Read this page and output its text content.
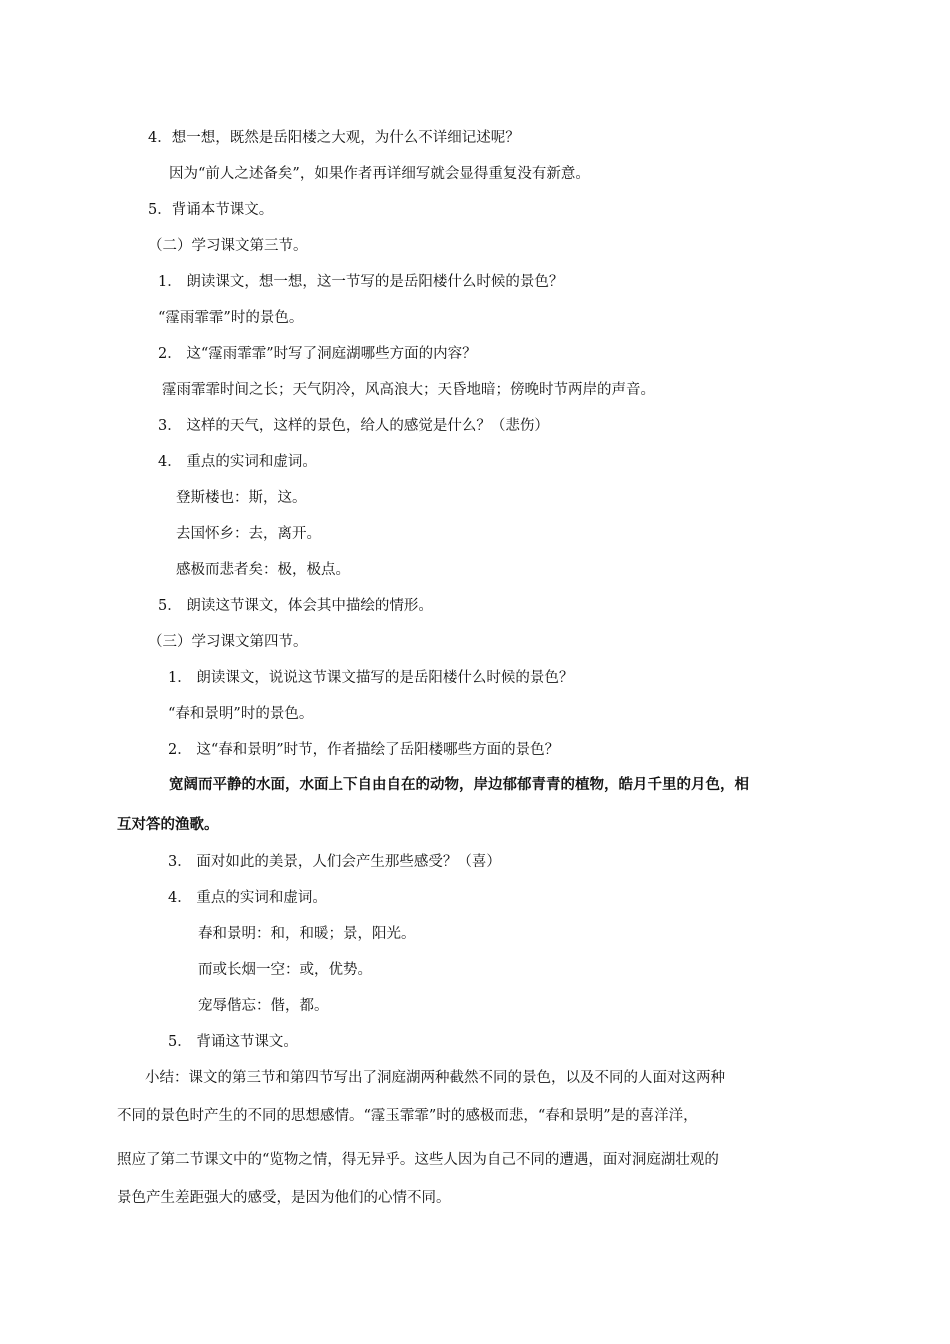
4．想一想，既然是岳阳楼之大观，为什么不详细记述呢？
因为“前人之述备矣”，如果作者再详细写就会显得重复没有新意。
5．背诵本节课文。
（二）学习课文第三节。
1． 朗读课文，想一想，这一节写的是岳阳楼什么时候的景色？
“霪雨霏霏”时的景色。
2． 这“霪雨霏霏”时写了洞庭湖哪些方面的内容？
霪雨霏霏时间之长；天气阴冷，风高浪大；天昏地暗；傍晚时节两岸的声音。
3． 这样的天气，这样的景色，给人的感觉是什么？（悲伤）
4． 重点的实词和虚词。
登斯楼也：斯，这。
去国怀乡：去，离开。
感极而悲者矣：极，极点。
5． 朗读这节课文，体会其中描绘的情形。
（三）学习课文第四节。
1． 朗读课文，说说这节课文描写的是岳阳楼什么时候的景色？
“春和景明”时的景色。
2． 这“春和景明”时节，作者描绘了岳阳楼哪些方面的景色？
宽阔而平静的水面，水面上下自由自在的动物，岸边郁郁青青的植物，皓月千里的月色，相
互对答的渔歌。
3． 面对如此的美景，人们会产生那些感受？（喜）
4． 重点的实词和虚词。
春和景明：和，和暖；景，阳光。
而或长烟一空：或，优势。
宠辱偕忘：偕，都。
5． 背诵这节课文。
小结：课文的第三节和第四节写出了洞庭湖两种截然不同的景色，以及不同的人面对这两种
不同的景色时产生的不同的思想感情。“霪玉霏霏”时的感极而悲，“春和景明”是的喜洋洋，
照应了第二节课文中的“览物之情，得无异乎。这些人因为自己不同的遭遇，面对洞庭湖壮观的
景色产生差距强大的感受，是因为他们的心情不同。
